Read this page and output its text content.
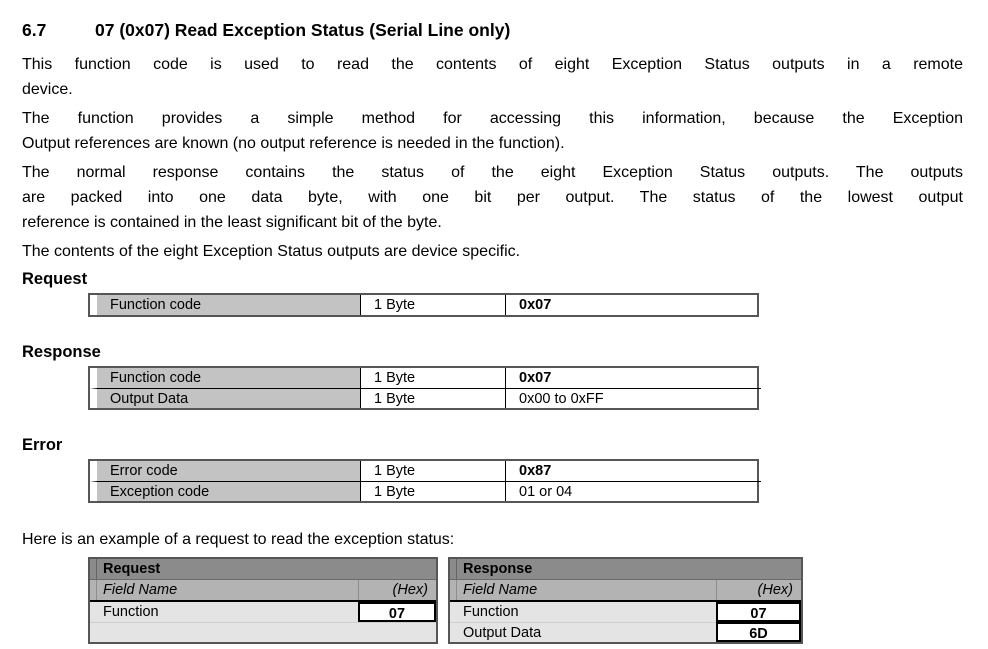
6.7	07 (0x07) Read Exception Status (Serial Line only)
This function code is used to read the contents of eight Exception Status outputs in a remote
device.
The function provides a simple method for accessing this information, because the Exception
Output references are known (no output reference is needed in the function).
The normal response contains the status of the eight Exception Status outputs. The outputs
are packed into one data byte, with one bit per output. The status of the lowest output
reference is contained in the least significant bit of the byte.
The contents of the eight Exception Status outputs are device specific.
Request
Function code	1 Byte	0x07
Response
Function code	1 Byte	0x07
Output Data	1 Byte	0x00 to 0xFF
Error
Error code	1 Byte	0x87
Exception code	1 Byte	01 or 04
Here is an example of a request to read the exception status:
Request
Field Name	(Hex)
Function	07
Response
Field Name	(Hex)
Function	07
Output Data	6D
